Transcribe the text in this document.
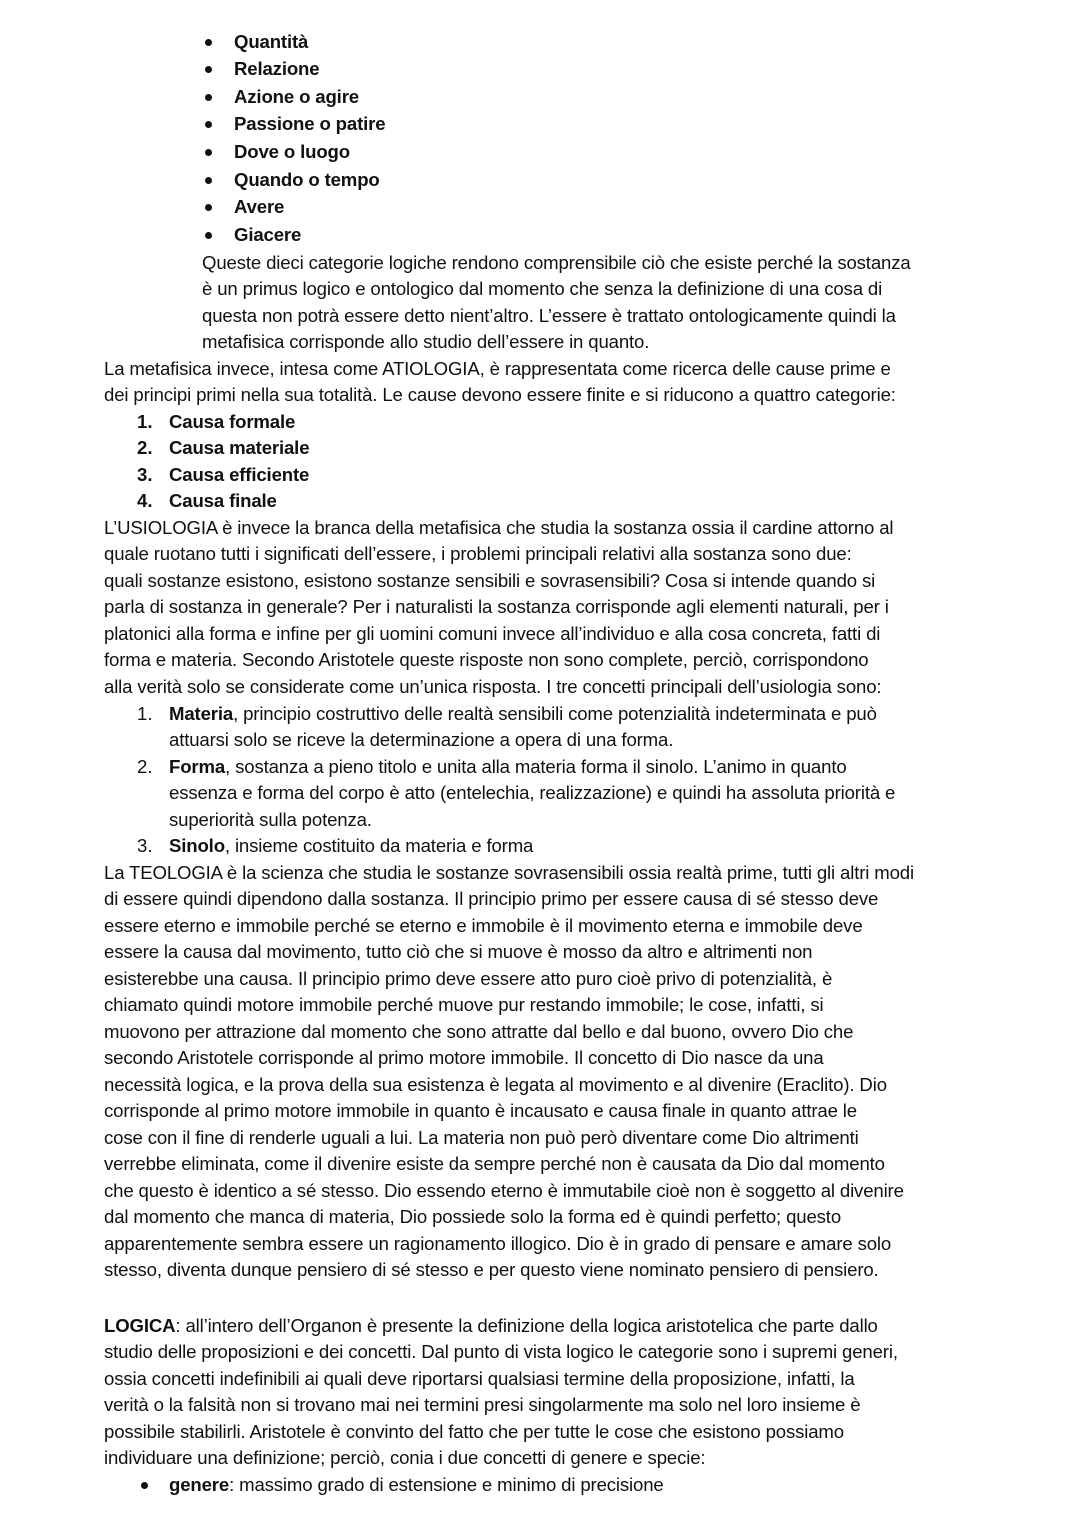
Quantità
Relazione
Azione o agire
Passione o patire
Dove o luogo
Quando o tempo
Avere
Giacere
Queste dieci categorie logiche rendono comprensibile ciò che esiste perché la sostanza
è un primus logico e ontologico dal momento che senza la definizione di una cosa di
questa non potrà essere detto nient’altro. L’essere è trattato ontologicamente quindi la
metafisica corrisponde allo studio dell’essere in quanto.
La metafisica invece, intesa come ATIOLOGIA, è rappresentata come ricerca delle cause prime e
dei principi primi nella sua totalità. Le cause devono essere finite e si riducono a quattro categorie:
1. Causa formale
2. Causa materiale
3. Causa efficiente
4. Causa finale
L’USIOLOGIA è invece la branca della metafisica che studia la sostanza ossia il cardine attorno al
quale ruotano tutti i significati dell’essere, i problemi principali relativi alla sostanza sono due:
quali sostanze esistono, esistono sostanze sensibili e sovrasensibili? Cosa si intende quando si
parla di sostanza in generale? Per i naturalisti la sostanza corrisponde agli elementi naturali, per i
platonici alla forma e infine per gli uomini comuni invece all’individuo e alla cosa concreta, fatti di
forma e materia. Secondo Aristotele queste risposte non sono complete, perciò, corrispondono
alla verità solo se considerate come un’unica risposta. I tre concetti principali dell’usiologia sono:
1. Materia, principio costruttivo delle realtà sensibili come potenzialità indeterminata e può
attuarsi solo se riceve la determinazione a opera di una forma.
2. Forma, sostanza a pieno titolo e unita alla materia forma il sinolo. L’animo in quanto
essenza e forma del corpo è atto (entelechia, realizzazione) e quindi ha assoluta priorità e
superiorità sulla potenza.
3. Sinolo, insieme costituito da materia e forma
La TEOLOGIA è la scienza che studia le sostanze sovrasensibili ossia realtà prime, tutti gli altri modi
di essere quindi dipendono dalla sostanza. Il principio primo per essere causa di sé stesso deve
essere eterno e immobile perché se eterno e immobile è il movimento eterna e immobile deve
essere la causa dal movimento, tutto ciò che si muove è mosso da altro e altrimenti non
esisterebbe una causa. Il principio primo deve essere atto puro cioè privo di potenzialità, è
chiamato quindi motore immobile perché muove pur restando immobile; le cose, infatti, si
muovono per attrazione dal momento che sono attratte dal bello e dal buono, ovvero Dio che
secondo Aristotele corrisponde al primo motore immobile. Il concetto di Dio nasce da una
necessità logica, e la prova della sua esistenza è legata al movimento e al divenire (Eraclito). Dio
corrisponde al primo motore immobile in quanto è incausato e causa finale in quanto attrae le
cose con il fine di renderle uguali a lui. La materia non può però diventare come Dio altrimenti
verrebbe eliminata, come il divenire esiste da sempre perché non è causata da Dio dal momento
che questo è identico a sé stesso. Dio essendo eterno è immutabile cioè non è soggetto al divenire
dal momento che manca di materia, Dio possiede solo la forma ed è quindi perfetto; questo
apparentemente sembra essere un ragionamento illogico. Dio è in grado di pensare e amare solo
stesso, diventa dunque pensiero di sé stesso e per questo viene nominato pensiero di pensiero.
LOGICA: all’intero dell’Organon è presente la definizione della logica aristotelica che parte dallo
studio delle proposizioni e dei concetti. Dal punto di vista logico le categorie sono i supremi generi,
ossia concetti indefinibili ai quali deve riportarsi qualsiasi termine della proposizione, infatti, la
verità o la falsità non si trovano mai nei termini presi singolarmente ma solo nel loro insieme è
possibile stabilirli. Aristotele è convinto del fatto che per tutte le cose che esistono possiamo
individuare una definizione; perciò, conia i due concetti di genere e specie:
genere: massimo grado di estensione e minimo di precisione
